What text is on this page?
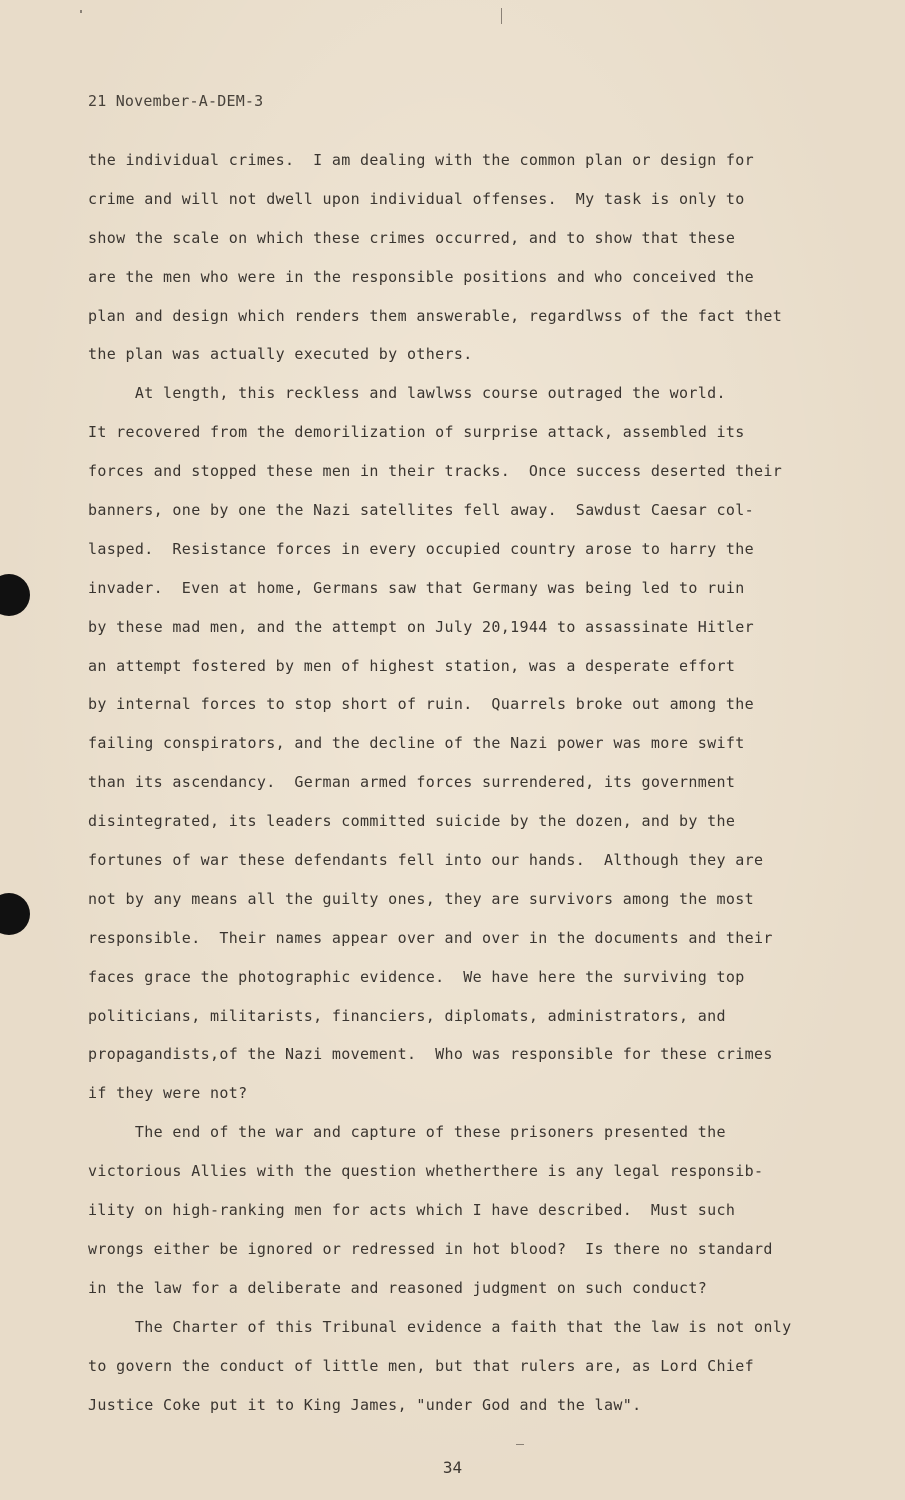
21 November-A-DEM-3
the individual crimes.  I am dealing with the common plan or design for
crime and will not dwell upon individual offenses.  My task is only to
show the scale on which these crimes occurred, and to show that these
are the men who were in the responsible positions and who conceived the
plan and design which renders them answerable, regardlwss of the fact thet
the plan was actually executed by others.
At length, this reckless and lawlwss course outraged the world.
It recovered from the demorilization of surprise attack, assembled its
forces and stopped these men in their tracks.  Once success deserted their
banners, one by one the Nazi satellites fell away.  Sawdust Caesar col-
lasped.  Resistance forces in every occupied country arose to harry the
invader.  Even at home, Germans saw that Germany was being led to ruin
by these mad men, and the attempt on July 20,1944 to assassinate Hitler
an attempt fostered by men of highest station, was a desperate effort
by internal forces to stop short of ruin.  Quarrels broke out among the
failing conspirators, and the decline of the Nazi power was more swift
than its ascendancy.  German armed forces surrendered, its government
disintegrated, its leaders committed suicide by the dozen, and by the
fortunes of war these defendants fell into our hands.  Although they are
not by any means all the guilty ones, they are survivors among the most
responsible.  Their names appear over and over in the documents and their
faces grace the photographic evidence.  We have here the surviving top
politicians, militarists, financiers, diplomats, administrators, and
propagandists,of the Nazi movement.  Who was responsible for these crimes
if they were not?
The end of the war and capture of these prisoners presented the
victorious Allies with the question whetherthere is any legal responsib-
ility on high-ranking men for acts which I have described.  Must such
wrongs either be ignored or redressed in hot blood?  Is there no standard
in the law for a deliberate and reasoned judgment on such conduct?
The Charter of this Tribunal evidence a faith that the law is not only
to govern the conduct of little men, but that rulers are, as Lord Chief
Justice Coke put it to King James, "under God and the law".
34
